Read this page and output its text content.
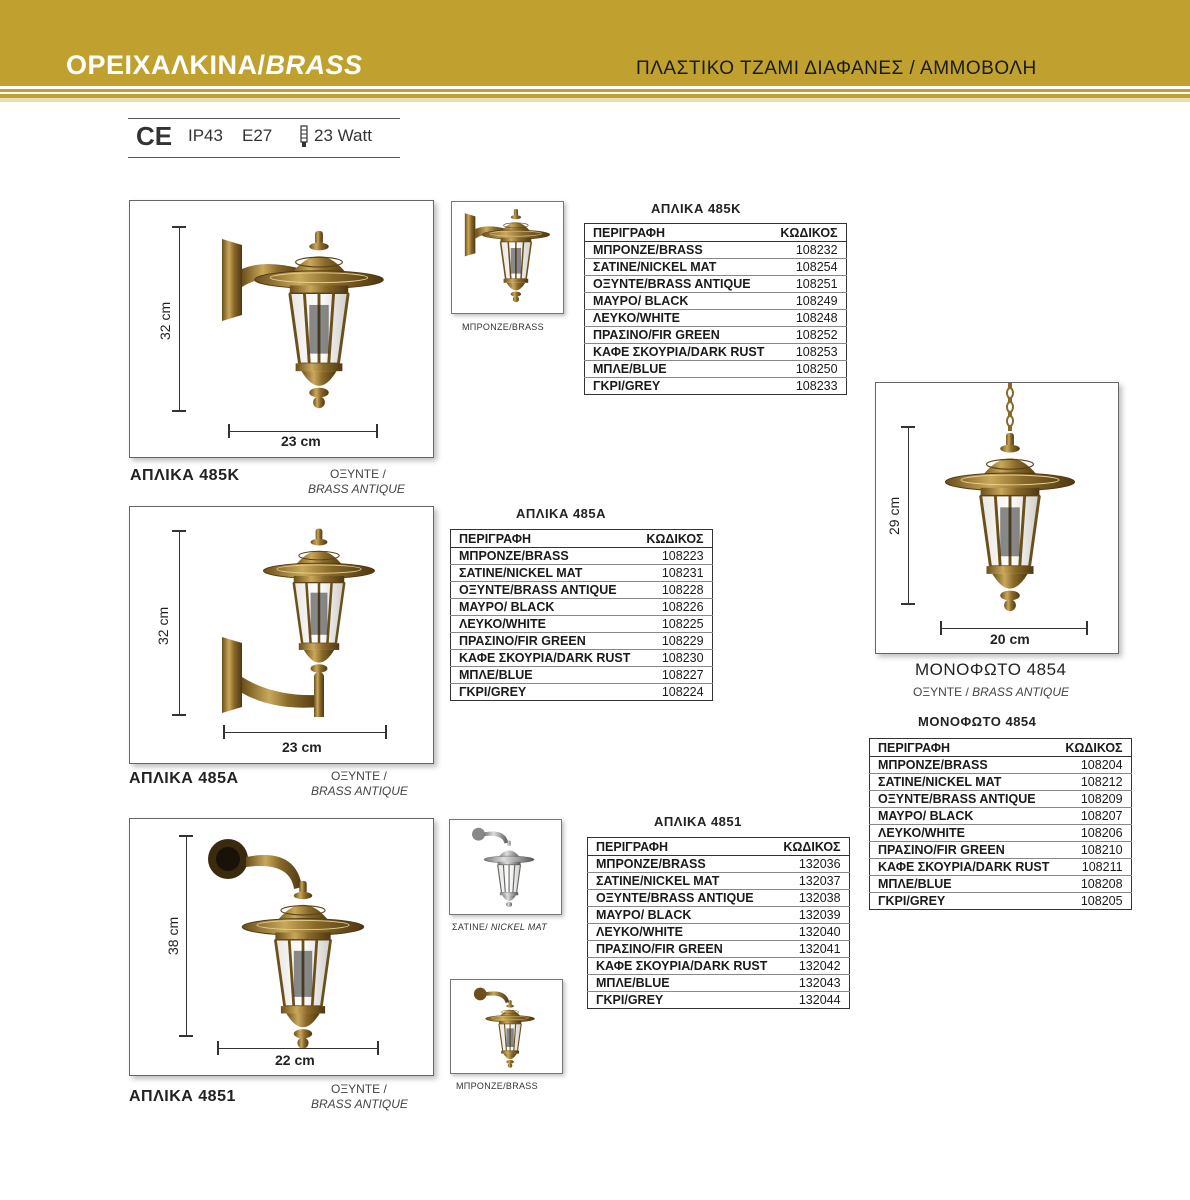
ΟΡΕΙΧΑΛΚΙΝΑ/BRASS	ΠΛΑΣΤΙΚΟ ΤΖΑΜΙ ΔΙΑΦΑΝΕΣ / ΑΜΜΟΒΟΛΗ
CE IP43 E27 23 Watt
32 cm
23 cm
ΑΠΛΙΚΑ 485Κ	ΟΞΥΝΤΕ /
BRASS ANTIQUE
ΜΠΡΟΝΖΕ/BRASS
ΑΠΛΙΚΑ 485Κ
ΠΕΡΙΓΡΑΦΗ	ΚΩΔΙΚΟΣ
ΜΠΡΟΝΖΕ/BRASS	108232
ΣΑΤΙΝΕ/NICKEL MAT	108254
ΟΞΥΝΤΕ/BRASS ANTIQUE	108251
ΜΑΥΡΟ/ BLACK	108249
ΛΕΥΚΟ/WHITE	108248
ΠΡΑΣΙΝΟ/FIR GREEN	108252
ΚΑΦΕ ΣΚΟΥΡΙΑ/DARK RUST	108253
ΜΠΛΕ/BLUE	108250
ΓΚΡΙ/GREY	108233
32 cm
23 cm
ΑΠΛΙΚΑ 485Α	ΟΞΥΝΤΕ /
BRASS ANTIQUE
ΑΠΛΙΚΑ 485Α
ΠΕΡΙΓΡΑΦΗ	ΚΩΔΙΚΟΣ
ΜΠΡΟΝΖΕ/BRASS	108223
ΣΑΤΙΝΕ/NICKEL MAT	108231
ΟΞΥΝΤΕ/BRASS ANTIQUE	108228
ΜΑΥΡΟ/ BLACK	108226
ΛΕΥΚΟ/WHITE	108225
ΠΡΑΣΙΝΟ/FIR GREEN	108229
ΚΑΦΕ ΣΚΟΥΡΙΑ/DARK RUST	108230
ΜΠΛΕ/BLUE	108227
ΓΚΡΙ/GREY	108224
38 cm
22 cm
ΑΠΛΙΚΑ 4851	ΟΞΥΝΤΕ /
BRASS ANTIQUE
ΣΑΤΙΝΕ/ NICKEL MAT
ΜΠΡΟΝΖΕ/BRASS
ΑΠΛΙΚΑ 4851
ΠΕΡΙΓΡΑΦΗ	ΚΩΔΙΚΟΣ
ΜΠΡΟΝΖΕ/BRASS	132036
ΣΑΤΙΝΕ/NICKEL MAT	132037
ΟΞΥΝΤΕ/BRASS ANTIQUE	132038
ΜΑΥΡΟ/ BLACK	132039
ΛΕΥΚΟ/WHITE	132040
ΠΡΑΣΙΝΟ/FIR GREEN	132041
ΚΑΦΕ ΣΚΟΥΡΙΑ/DARK RUST	132042
ΜΠΛΕ/BLUE	132043
ΓΚΡΙ/GREY	132044
29 cm
20 cm
ΜΟΝΟΦΩΤΟ 4854
ΟΞΥΝΤΕ / BRASS ANTIQUE
ΜΟΝΟΦΩΤΟ 4854
ΠΕΡΙΓΡΑΦΗ	ΚΩΔΙΚΟΣ
ΜΠΡΟΝΖΕ/BRASS	108204
ΣΑΤΙΝΕ/NICKEL MAT	108212
ΟΞΥΝΤΕ/BRASS ANTIQUE	108209
ΜΑΥΡΟ/ BLACK	108207
ΛΕΥΚΟ/WHITE	108206
ΠΡΑΣΙΝΟ/FIR GREEN	108210
ΚΑΦΕ ΣΚΟΥΡΙΑ/DARK RUST	108211
ΜΠΛΕ/BLUE	108208
ΓΚΡΙ/GREY	108205
